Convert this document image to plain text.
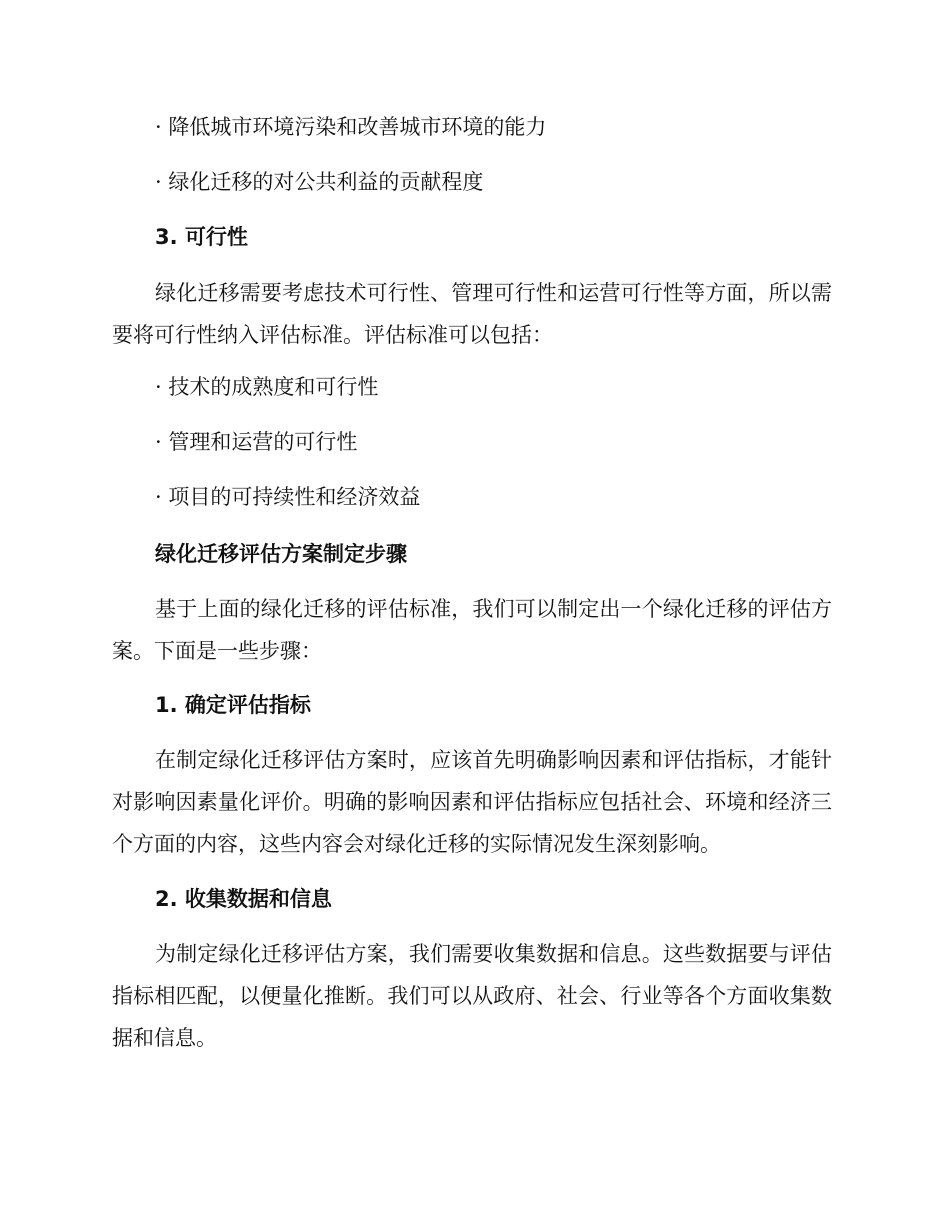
· 降低城市环境污染和改善城市环境的能力
· 绿化迁移的对公共利益的贡献程度
3. 可行性
绿化迁移需要考虑技术可行性、管理可行性和运营可行性等方面，所以需要将可行性纳入评估标准。评估标准可以包括：
· 技术的成熟度和可行性
· 管理和运营的可行性
· 项目的可持续性和经济效益
绿化迁移评估方案制定步骤
基于上面的绿化迁移的评估标准，我们可以制定出一个绿化迁移的评估方案。下面是一些步骤：
1. 确定评估指标
在制定绿化迁移评估方案时，应该首先明确影响因素和评估指标，才能针对影响因素量化评价。明确的影响因素和评估指标应包括社会、环境和经济三个方面的内容，这些内容会对绿化迁移的实际情况发生深刻影响。
2. 收集数据和信息
为制定绿化迁移评估方案，我们需要收集数据和信息。这些数据要与评估指标相匹配，以便量化推断。我们可以从政府、社会、行业等各个方面收集数据和信息。
